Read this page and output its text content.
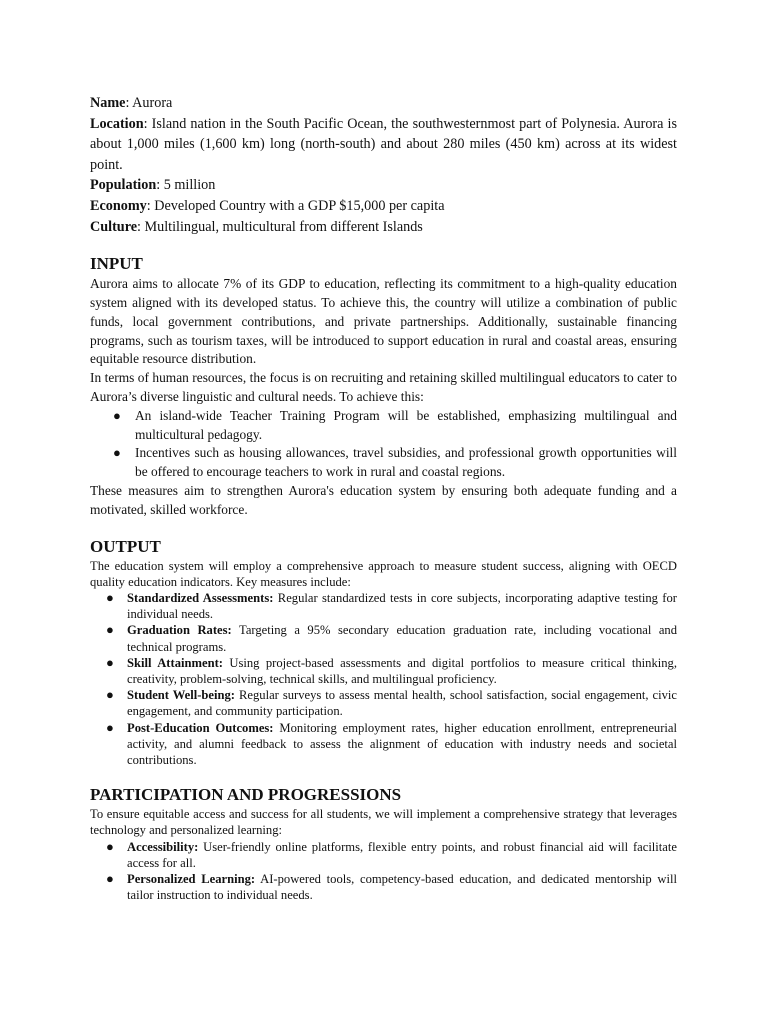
Name: Aurora

Location: Island nation in the South Pacific Ocean, the southwesternmost part of Polynesia. Aurora is about 1,000 miles (1,600 km) long (north-south) and about 280 miles (450 km) across at its widest point.

Population: 5 million

Economy: Developed Country with a GDP $15,000 per capita

Culture: Multilingual, multicultural from different Islands

INPUT

Aurora aims to allocate 7% of its GDP to education, reflecting its commitment to a high-quality education system aligned with its developed status. To achieve this, the country will utilize a combination of public funds, local government contributions, and private partnerships. Additionally, sustainable financing programs, such as tourism taxes, will be introduced to support education in rural and coastal areas, ensuring equitable resource distribution.

In terms of human resources, the focus is on recruiting and retaining skilled multilingual educators to cater to Aurora’s diverse linguistic and cultural needs. To achieve this:

● An island-wide Teacher Training Program will be established, emphasizing multilingual and multicultural pedagogy.
● Incentives such as housing allowances, travel subsidies, and professional growth opportunities will be offered to encourage teachers to work in rural and coastal regions.

These measures aim to strengthen Aurora's education system by ensuring both adequate funding and a motivated, skilled workforce.

OUTPUT

The education system will employ a comprehensive approach to measure student success, aligning with OECD quality education indicators. Key measures include:

● Standardized Assessments: Regular standardized tests in core subjects, incorporating adaptive testing for individual needs.
● Graduation Rates: Targeting a 95% secondary education graduation rate, including vocational and technical programs.
● Skill Attainment: Using project-based assessments and digital portfolios to measure critical thinking, creativity, problem-solving, technical skills, and multilingual proficiency.
● Student Well-being: Regular surveys to assess mental health, school satisfaction, social engagement, civic engagement, and community participation.
● Post-Education Outcomes: Monitoring employment rates, higher education enrollment, entrepreneurial activity, and alumni feedback to assess the alignment of education with industry needs and societal contributions.
PARTICIPATION AND PROGRESSIONS

To ensure equitable access and success for all students, we will implement a comprehensive strategy that leverages technology and personalized learning:

● Accessibility: User-friendly online platforms, flexible entry points, and robust financial aid will facilitate access for all.
● Personalized Learning: AI-powered tools, competency-based education, and dedicated mentorship will tailor instruction to individual needs.
